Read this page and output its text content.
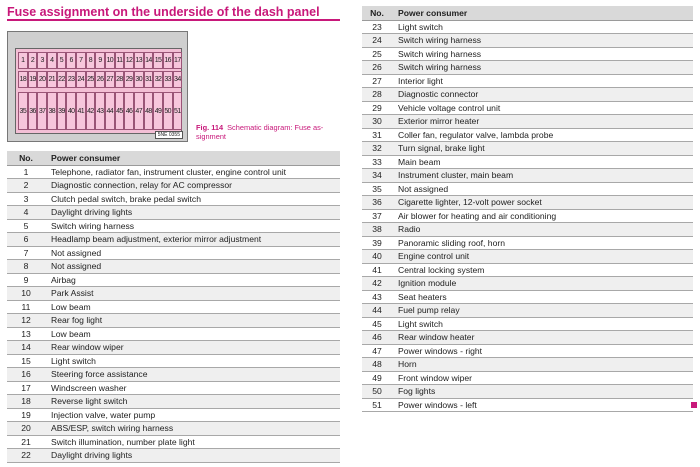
Fuse assignment on the underside of the dash panel
1 2 3 4 5 6 7 8 9 10 11 12 13 14 15 16 17
18 19 20 21 22 23 24 25 26 27 28 29 30 31 32 33 34
35 36 37 38 39 40 41 42 43 44 45 46 47 48 49 50 51
5NE 0355
Fig. 114 Schematic diagram: Fuse as- signment
No.	Power consumer
1	Telephone, radiator fan, instrument cluster, engine control unit
2	Diagnostic connection, relay for AC compressor
3	Clutch pedal switch, brake pedal switch
4	Daylight driving lights
5	Switch wiring harness
6	Headlamp beam adjustment, exterior mirror adjustment
7	Not assigned
8	Not assigned
9	Airbag
10	Park Assist
11	Low beam
12	Rear fog light
13	Low beam
14	Rear window wiper
15	Light switch
16	Steering force assistance
17	Windscreen washer
18	Reverse light switch
19	Injection valve, water pump
20	ABS/ESP, switch wiring harness
21	Switch illumination, number plate light
22	Daylight driving lights
No.	Power consumer
23	Light switch
24	Switch wiring harness
25	Switch wiring harness
26	Switch wiring harness
27	Interior light
28	Diagnostic connector
29	Vehicle voltage control unit
30	Exterior mirror heater
31	Coller fan, regulator valve, lambda probe
32	Turn signal, brake light
33	Main beam
34	Instrument cluster, main beam
35	Not assigned
36	Cigarette lighter, 12-volt power socket
37	Air blower for heating and air conditioning
38	Radio
39	Panoramic sliding roof, horn
40	Engine control unit
41	Central locking system
42	Ignition module
43	Seat heaters
44	Fuel pump relay
45	Light switch
46	Rear window heater
47	Power windows - right
48	Horn
49	Front window wiper
50	Fog lights
51	Power windows - left
